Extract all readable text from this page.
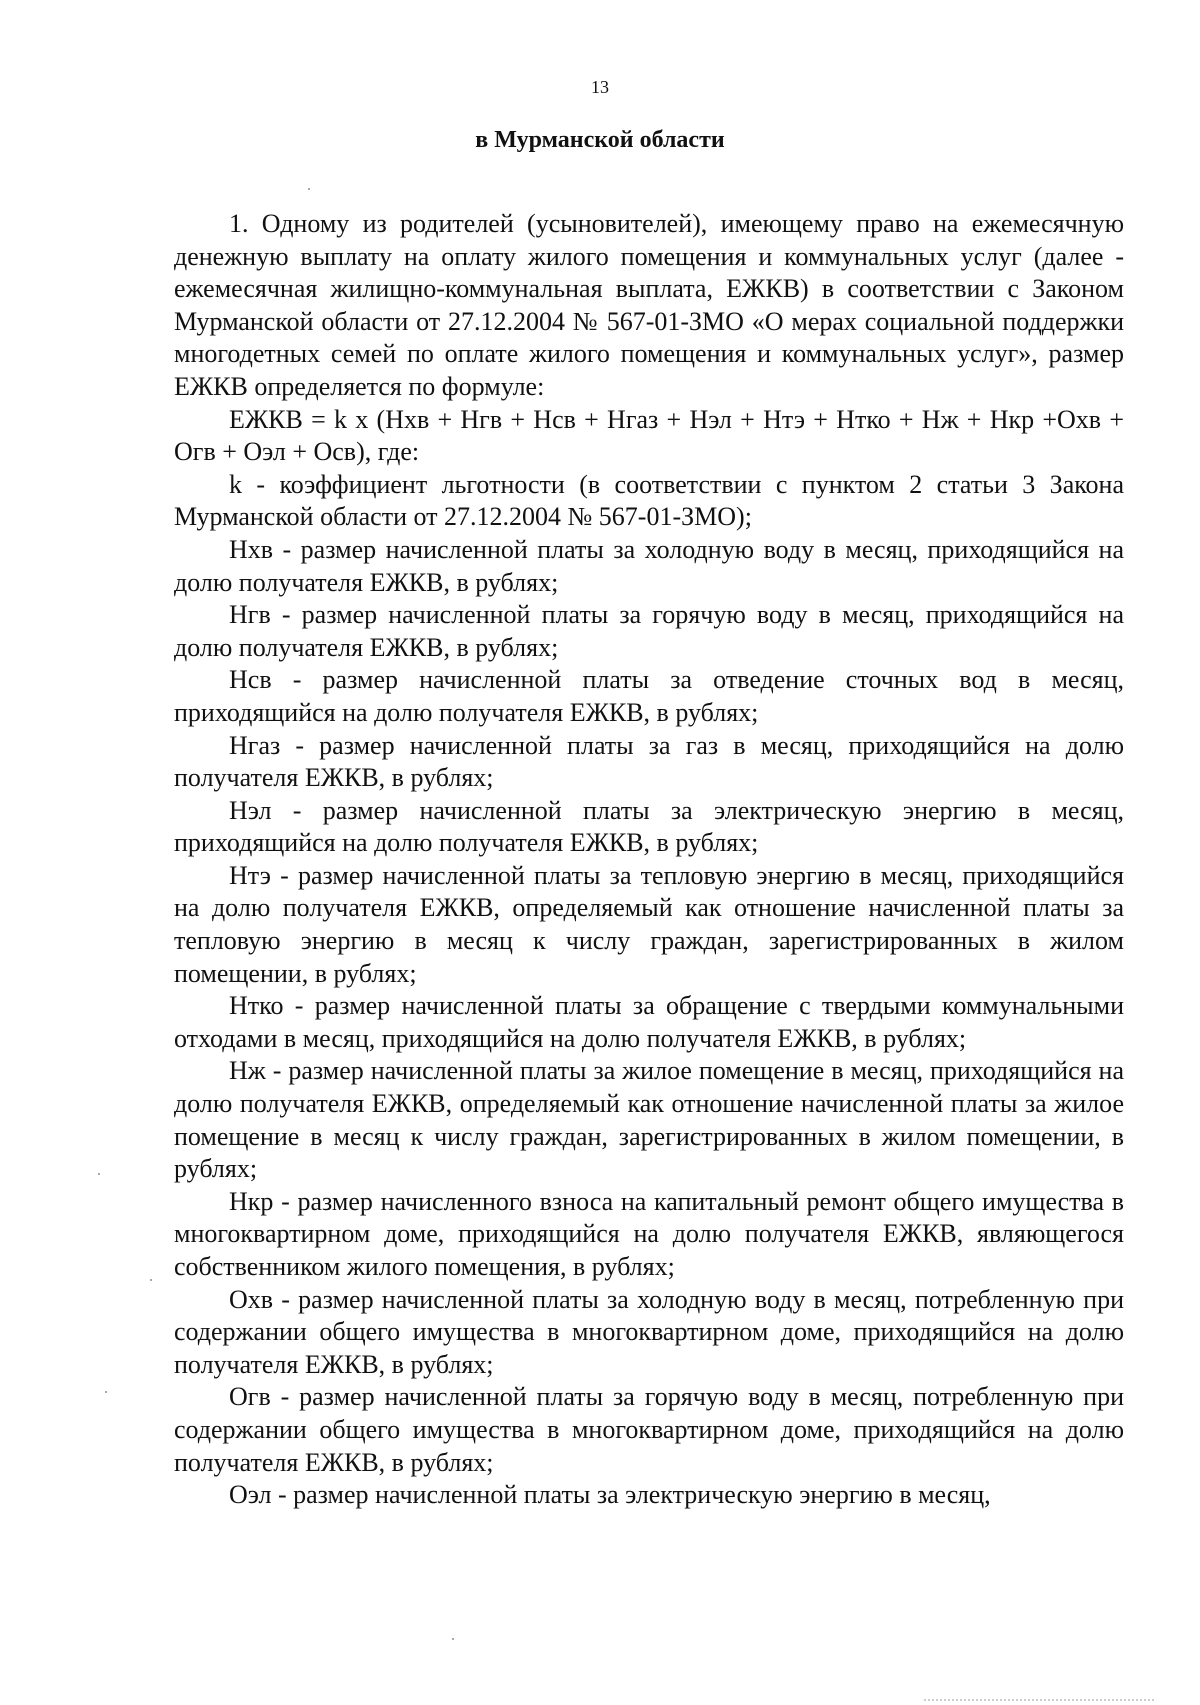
13
в Мурманской области

1. Одному из родителей (усыновителей), имеющему право на ежемесячную денежную выплату на оплату жилого помещения и коммунальных услуг (далее - ежемесячная жилищно-коммунальная выплата, ЕЖКВ) в соответствии с Законом Мурманской области от 27.12.2004 № 567-01-ЗМО «О мерах социальной поддержки многодетных семей по оплате жилого помещения и коммунальных услуг», размер ЕЖКВ определяется по формуле:

ЕЖКВ = k x (Нхв + Нгв + Нсв + Нгаз + Нэл + Нтэ + Нтко + Нж + Нкр +Охв + Огв + Оэл + Осв), где:

k - коэффициент льготности (в соответствии с пунктом 2 статьи 3 Закона Мурманской области от 27.12.2004 № 567-01-ЗМО);

Нхв - размер начисленной платы за холодную воду в месяц, приходящийся на долю получателя ЕЖКВ, в рублях;

Нгв - размер начисленной платы за горячую воду в месяц, приходящийся на долю получателя ЕЖКВ, в рублях;

Нсв - размер начисленной платы за отведение сточных вод в месяц, приходящийся на долю получателя ЕЖКВ, в рублях;

Нгаз - размер начисленной платы за газ в месяц, приходящийся на долю получателя ЕЖКВ, в рублях;

Нэл - размер начисленной платы за электрическую энергию в месяц, приходящийся на долю получателя ЕЖКВ, в рублях;

Нтэ - размер начисленной платы за тепловую энергию в месяц, приходящийся на долю получателя ЕЖКВ, определяемый как отношение начисленной платы за тепловую энергию в месяц к числу граждан, зарегистрированных в жилом помещении, в рублях;

Нтко - размер начисленной платы за обращение с твердыми коммунальными отходами в месяц, приходящийся на долю получателя ЕЖКВ, в рублях;

Нж - размер начисленной платы за жилое помещение в месяц, приходящийся на долю получателя ЕЖКВ, определяемый как отношение начисленной платы за жилое помещение в месяц к числу граждан, зарегистрированных в жилом помещении, в рублях;

Нкр - размер начисленного взноса на капитальный ремонт общего имущества в многоквартирном доме, приходящийся на долю получателя ЕЖКВ, являющегося собственником жилого помещения, в рублях;

Охв - размер начисленной платы за холодную воду в месяц, потребленную при содержании общего имущества в многоквартирном доме, приходящийся на долю получателя ЕЖКВ, в рублях;

Огв - размер начисленной платы за горячую воду в месяц, потребленную при содержании общего имущества в многоквартирном доме, приходящийся на долю получателя ЕЖКВ, в рублях;

Оэл - размер начисленной платы за электрическую энергию в месяц,
